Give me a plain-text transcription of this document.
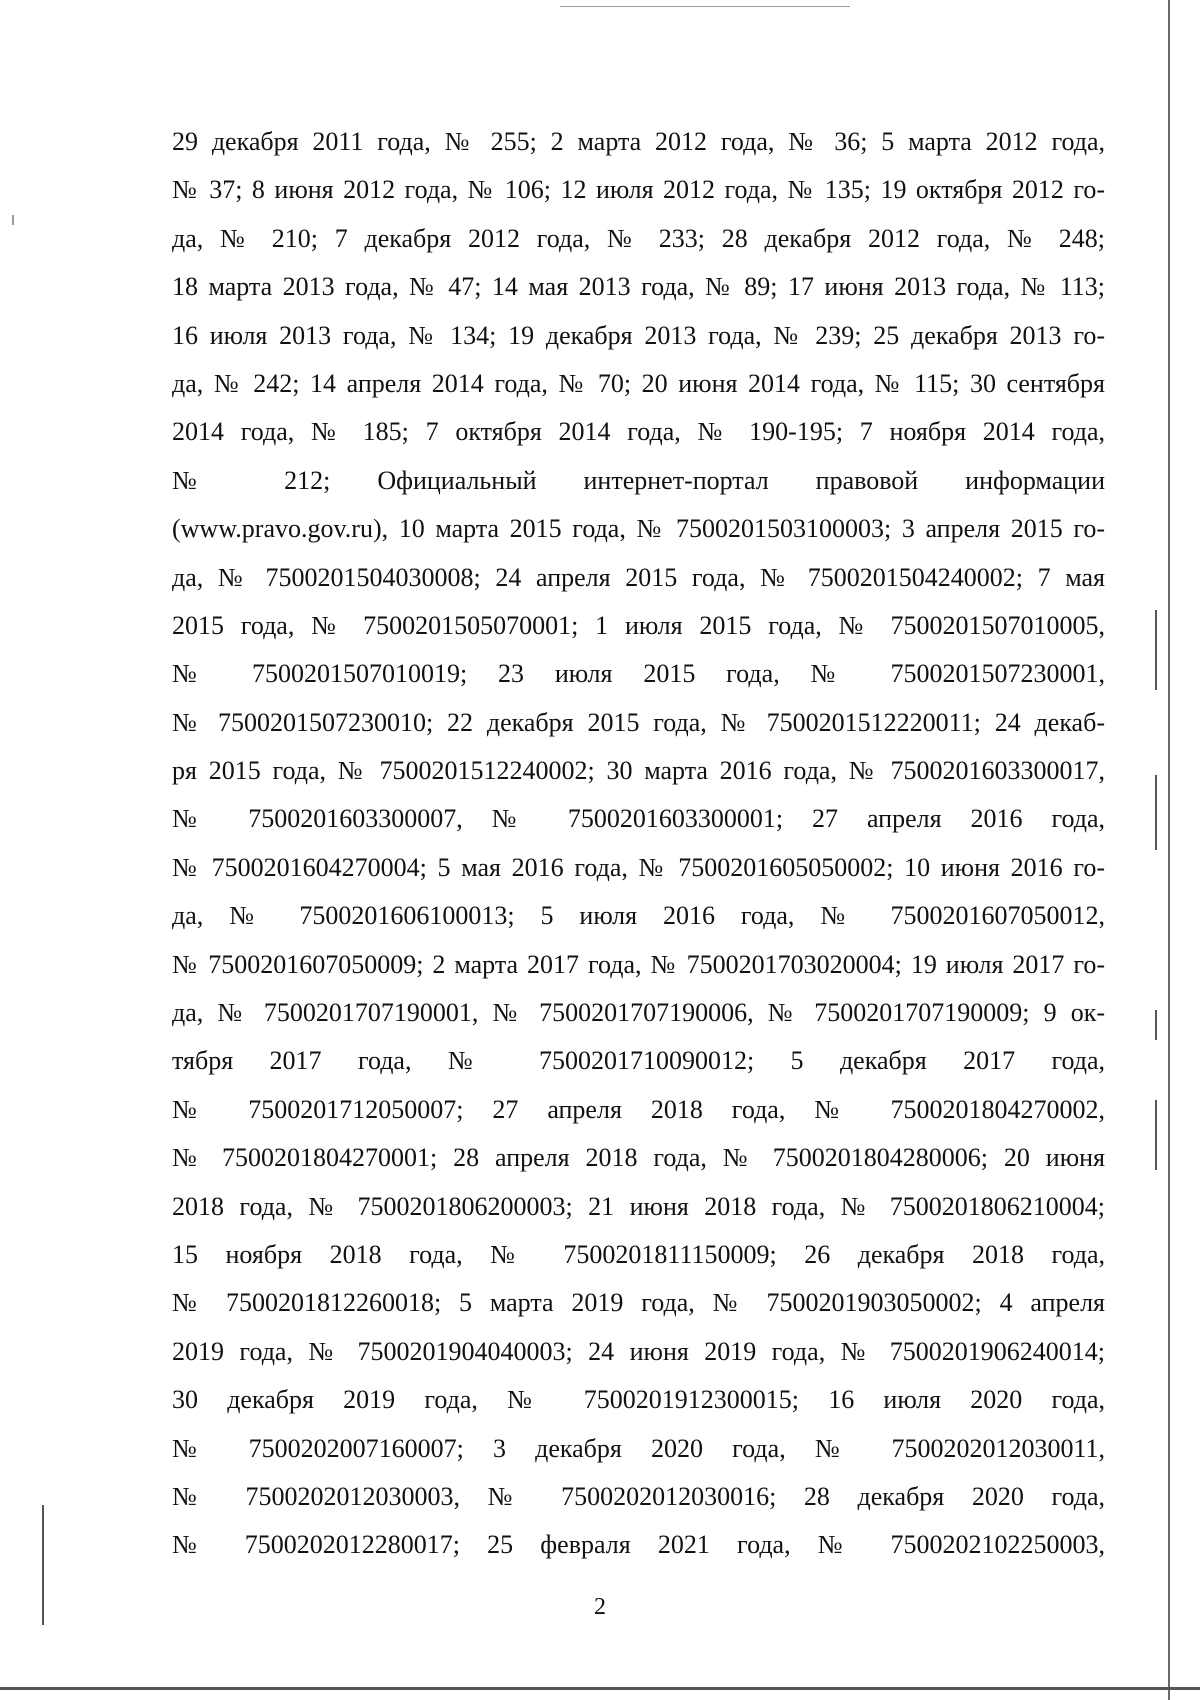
29 декабря 2011 года, № 255; 2 марта 2012 года, № 36; 5 марта 2012 года,
№ 37; 8 июня 2012 года, № 106; 12 июля 2012 года, № 135; 19 октября 2012 го-
да, № 210; 7 декабря 2012 года, № 233; 28 декабря 2012 года, № 248;
18 марта 2013 года, № 47; 14 мая 2013 года, № 89; 17 июня 2013 года, № 113;
16 июля 2013 года, № 134; 19 декабря 2013 года, № 239; 25 декабря 2013 го-
да, № 242; 14 апреля 2014 года, № 70; 20 июня 2014 года, № 115; 30 сентября
2014 года, № 185; 7 октября 2014 года, № 190-195; 7 ноября 2014 года,
№ 212; Официальный интернет-портал правовой информации
(www.pravo.gov.ru), 10 марта 2015 года, № 7500201503100003; 3 апреля 2015 го-
да, № 7500201504030008; 24 апреля 2015 года, № 7500201504240002; 7 мая
2015 года, № 7500201505070001; 1 июля 2015 года, № 7500201507010005,
№ 7500201507010019; 23 июля 2015 года, № 7500201507230001,
№ 7500201507230010; 22 декабря 2015 года, № 7500201512220011; 24 декаб-
ря 2015 года, № 7500201512240002; 30 марта 2016 года, № 7500201603300017,
№ 7500201603300007, № 7500201603300001; 27 апреля 2016 года,
№ 7500201604270004; 5 мая 2016 года, № 7500201605050002; 10 июня 2016 го-
да, № 7500201606100013; 5 июля 2016 года, № 7500201607050012,
№ 7500201607050009; 2 марта 2017 года, № 7500201703020004; 19 июля 2017 го-
да, № 7500201707190001, № 7500201707190006, № 7500201707190009; 9 ок-
тября 2017 года, № 7500201710090012; 5 декабря 2017 года,
№ 7500201712050007; 27 апреля 2018 года, № 7500201804270002,
№ 7500201804270001; 28 апреля 2018 года, № 7500201804280006; 20 июня
2018 года, № 7500201806200003; 21 июня 2018 года, № 7500201806210004;
15 ноября 2018 года, № 7500201811150009; 26 декабря 2018 года,
№ 7500201812260018; 5 марта 2019 года, № 7500201903050002; 4 апреля
2019 года, № 7500201904040003; 24 июня 2019 года, № 7500201906240014;
30 декабря 2019 года, № 7500201912300015; 16 июля 2020 года,
№ 7500202007160007; 3 декабря 2020 года, № 7500202012030011,
№ 7500202012030003, № 7500202012030016; 28 декабря 2020 года,
№ 7500202012280017; 25 февраля 2021 года, № 7500202102250003,
2
